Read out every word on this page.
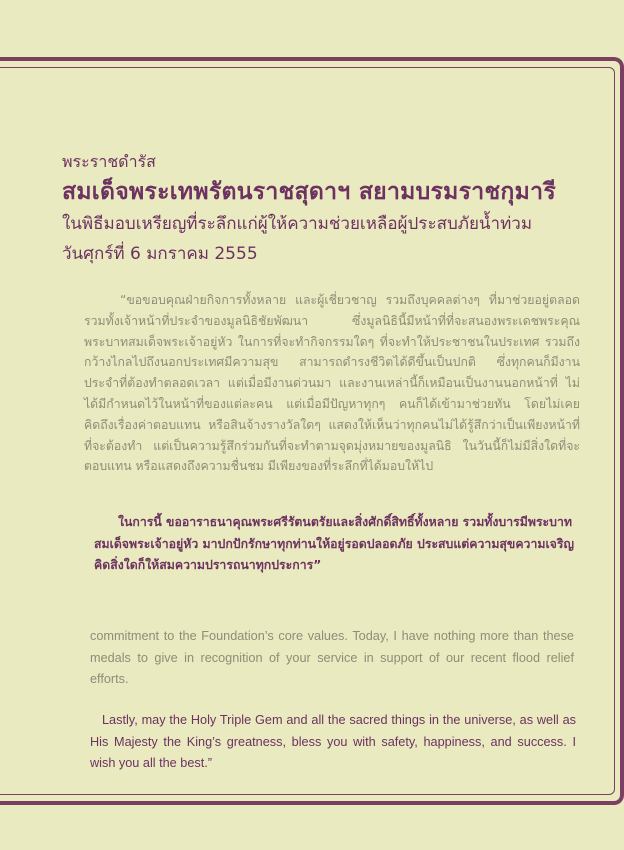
พระราชดำรัส
สมเด็จพระเทพรัตนราชสุดาฯ สยามบรมราชกุมารี
ในพิธีมอบเหรียญที่ระลึกแก่ผู้ให้ความช่วยเหลือผู้ประสบภัยน้ำท่วม
วันศุกร์ที่ 6 มกราคม 2555

“ขอขอบคุณฝ่ายกิจการทั้งหลาย และผู้เชี่ยวชาญ รวมถึงบุคคลต่างๆ ที่มาช่วยอยู่ตลอด รวมทั้งเจ้าหน้าที่ประจำของมูลนิธิชัยพัฒนา ซึ่งมูลนิธินี้มีหน้าที่ที่จะสนองพระเดชพระคุณพระบาทสมเด็จพระเจ้าอยู่หัว ในการที่จะทำกิจกรรมใดๆ ที่จะทำให้ประชาชนในประเทศ รวมถึงกว้างไกลไปถึงนอกประเทศมีความสุข สามารถดำรงชีวิตได้ดีขึ้นเป็นปกติ ซึ่งทุกคนก็มีงานประจำที่ต้องทำตลอดเวลา แต่เมื่อมีงานด่วนมา และงานเหล่านี้ก็เหมือนเป็นงานนอกหน้าที่ ไม่ได้มีกำหนดไว้ในหน้าที่ของแต่ละคน แต่เมื่อมีปัญหาทุกๆ คนก็ได้เข้ามาช่วยทัน โดยไม่เคยคิดถึงเรื่องค่าตอบแทน หรือสินจ้างรางวัลใดๆ แสดงให้เห็นว่าทุกคนไม่ได้รู้สึกว่าเป็นเพียงหน้าที่ที่จะต้องทำ แต่เป็นความรู้สึกร่วมกันที่จะทำตามจุดมุ่งหมายของมูลนิธิ ในวันนี้ก็ไม่มีสิ่งใดที่จะตอบแทน หรือแสดงถึงความชื่นชม มีเพียงของที่ระลึกที่ได้มอบให้ไป

ในการนี้ ขออาราธนาคุณพระศรีรัตนตรัยและสิ่งศักดิ์สิทธิ์ทั้งหลาย รวมทั้งบารมีพระบาทสมเด็จพระเจ้าอยู่หัว มาปกปักรักษาทุกท่านให้อยู่รอดปลอดภัย ประสบแต่ความสุขความเจริญ คิดสิ่งใดก็ให้สมความปรารถนาทุกประการ”

commitment to the Foundation’s core values. Today, I have nothing more than these medals to give in recognition of your service in support of our recent flood relief efforts.

Lastly, may the Holy Triple Gem and all the sacred things in the universe, as well as His Majesty the King’s greatness, bless you with safety, happiness, and success. I wish you all the best.”
